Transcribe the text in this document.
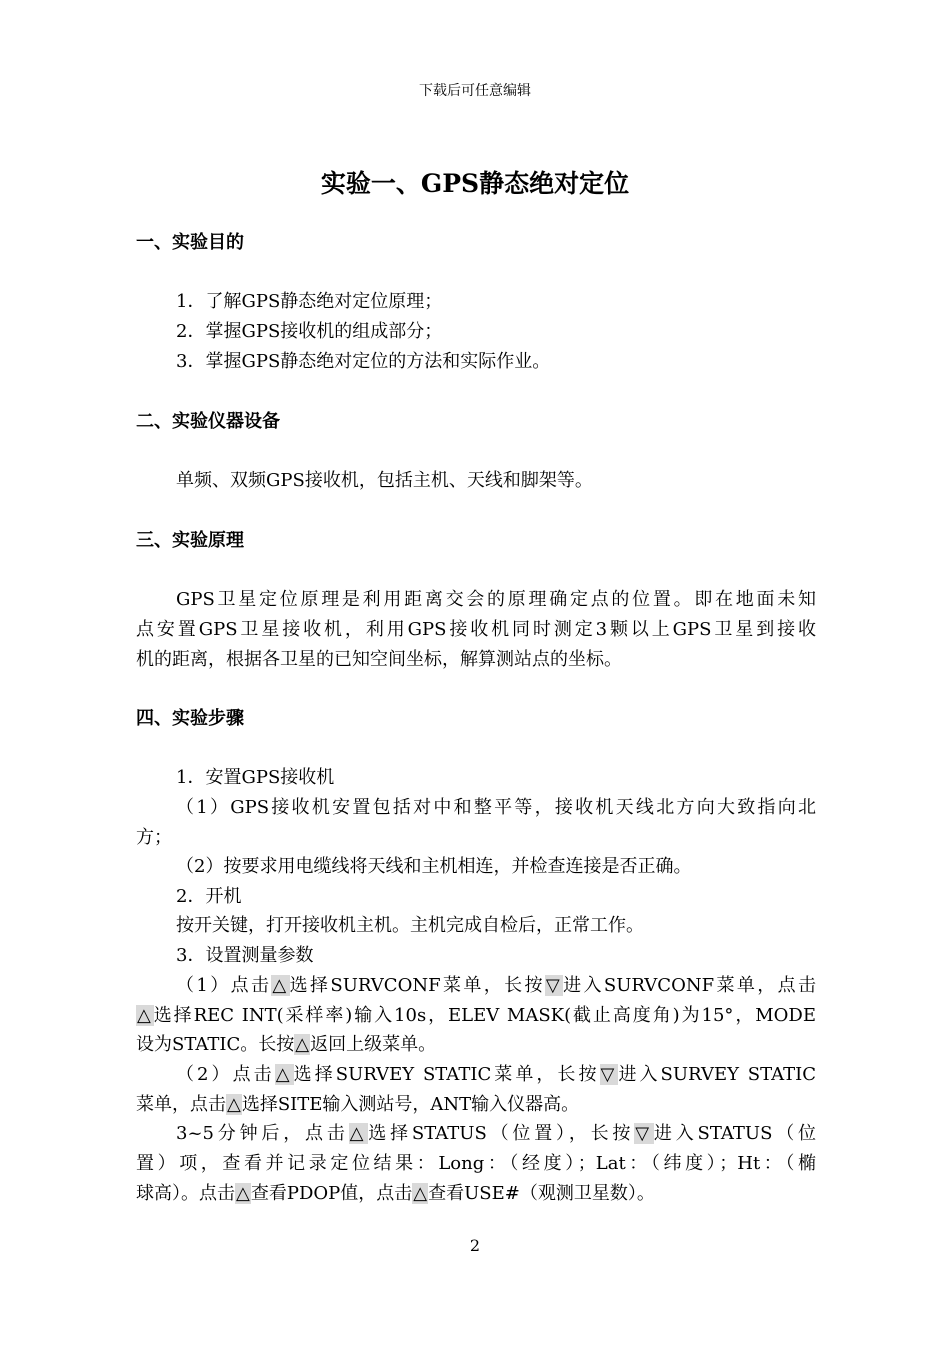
下载后可任意编辑
实验一、GPS静态绝对定位
一、实验目的
1．了解GPS静态绝对定位原理；
2．掌握GPS接收机的组成部分；
3．掌握GPS静态绝对定位的方法和实际作业。
二、实验仪器设备
单频、双频GPS接收机，包括主机、天线和脚架等。
三、实验原理
GPS卫星定位原理是利用距离交会的原理确定点的位置。即在地面未知
点安置GPS卫星接收机，利用GPS接收机同时测定3颗以上GPS卫星到接收
机的距离，根据各卫星的已知空间坐标，解算测站点的坐标。
四、实验步骤
1．安置GPS接收机
（1）GPS接收机安置包括对中和整平等，接收机天线北方向大致指向北
方；
（2）按要求用电缆线将天线和主机相连，并检查连接是否正确。
2．开机
按开关键，打开接收机主机。主机完成自检后，正常工作。
3．设置测量参数
（1）点击△选择SURVCONF菜单，长按▽进入SURVCONF菜单，点击
△选择REC INT(采样率)输入10s，ELEV MASK(截止高度角)为15°，MODE
设为STATIC。长按△返回上级菜单。
（2）点击△选择SURVEY STATIC菜单，长按▽进入SURVEY STATIC
菜单，点击△选择SITE输入测站号，ANT输入仪器高。
3~5分钟后，点击△选择STATUS（位置），长按▽进入STATUS（位
置）项，查看并记录定位结果：Long：（经度）；Lat：（纬度）；Ht：（椭
球高）。点击△查看PDOP值，点击△查看USE#（观测卫星数）。
2
